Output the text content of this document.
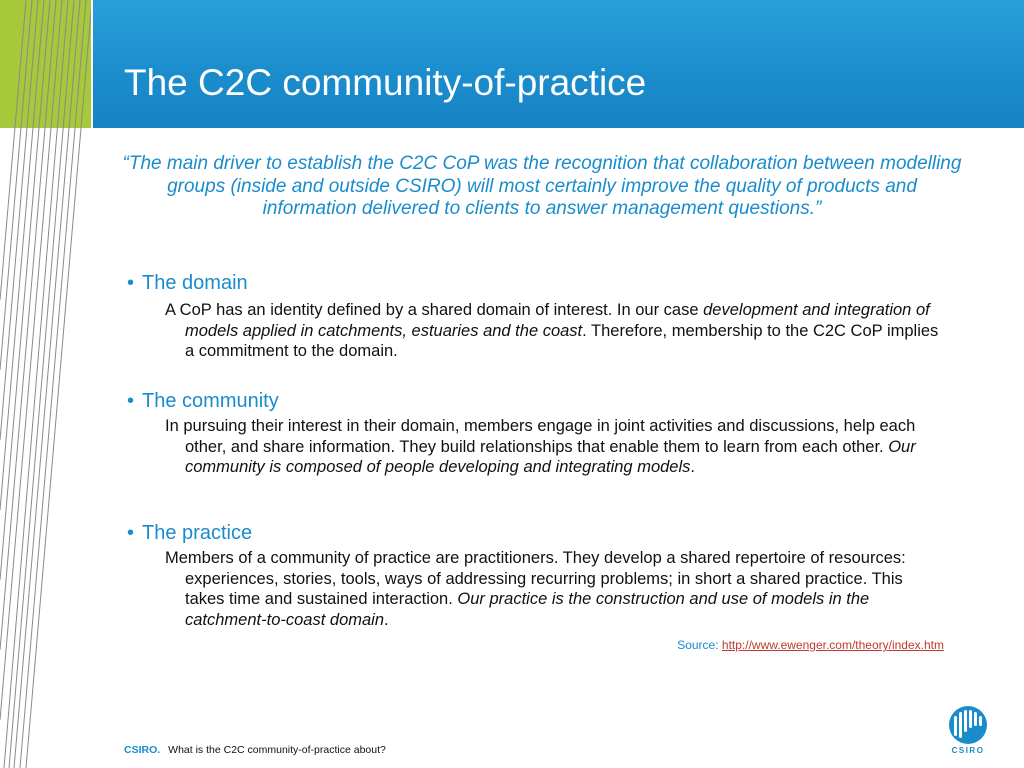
The C2C community-of-practice

“The main driver to establish the C2C CoP was the recognition that collaboration between modelling groups (inside and outside CSIRO) will most certainly improve the quality of products and information delivered to clients to answer management questions.”

• The domain

A CoP has an identity defined by a shared domain of interest. In our case development and integration of models applied in catchments, estuaries and the coast. Therefore, membership to the C2C CoP implies a commitment to the domain.

• The community

In pursuing their interest in their domain, members engage in joint activities and discussions, help each other, and share information. They build relationships that enable them to learn from each other. Our community is composed of people developing and integrating models.

• The practice

Members of a community of practice are practitioners. They develop a shared repertoire of resources: experiences, stories, tools, ways of addressing recurring problems; in short a shared practice. This takes time and sustained interaction. Our practice is the construction and use of models in the catchment-to-coast domain.

Source: http://www.ewenger.com/theory/index.htm
CSIRO. What is the C2C community-of-practice about?	CSIRO
